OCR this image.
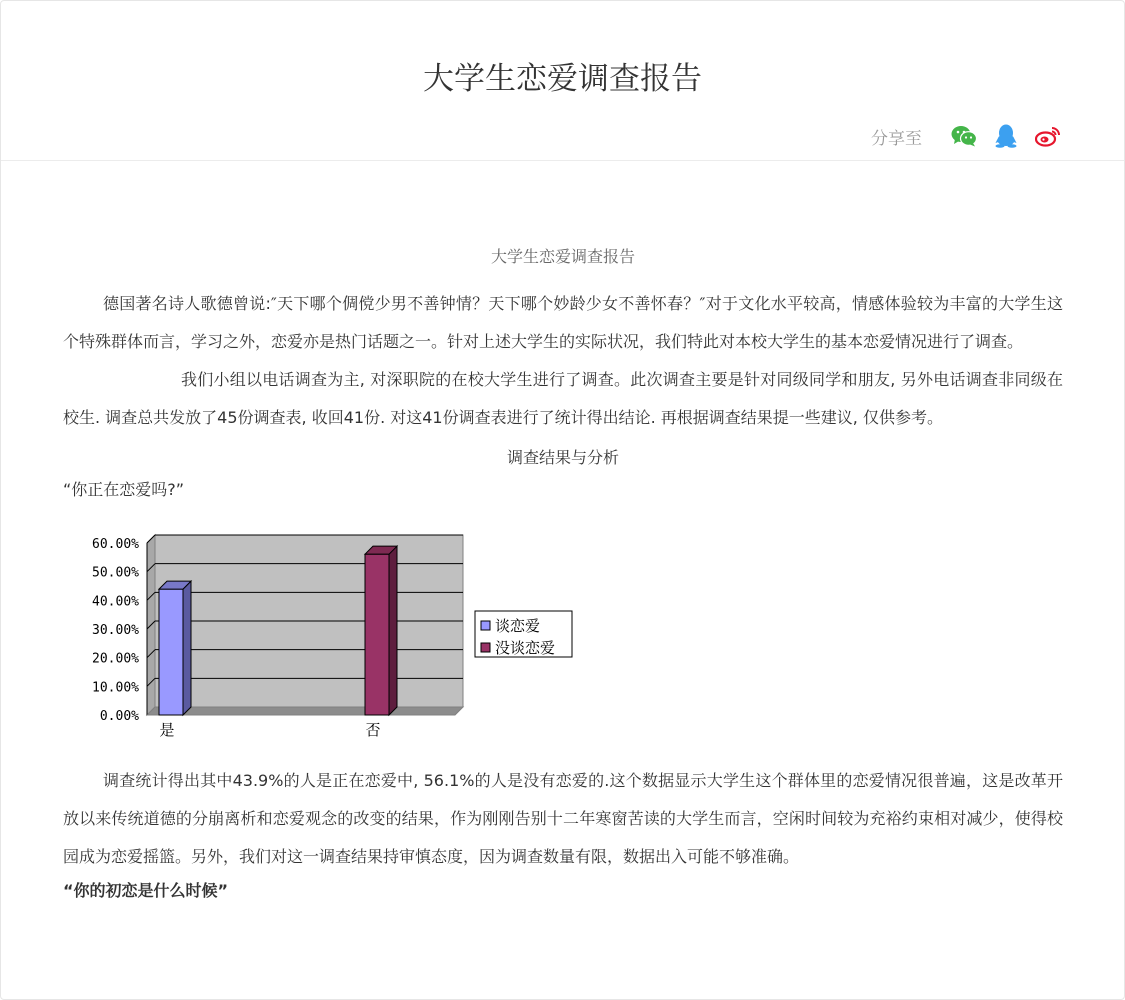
大学生恋爱调查报告
分享至
大学生恋爱调查报告

德国著名诗人歌德曾说:″天下哪个倜傥少男不善钟情？天下哪个妙龄少女不善怀春？″对于文化水平较高，情感体验较为丰富的大学生这个特殊群体而言，学习之外，恋爱亦是热门话题之一。针对上述大学生的实际状况，我们特此对本校大学生的基本恋爱情况进行了调查。

我们小组以电话调查为主, 对深职院的在校大学生进行了调查。此次调查主要是针对同级同学和朋友, 另外电话调查非同级在校生. 调查总共发放了45份调查表, 收回41份. 对这41份调查表进行了统计得出结论. 再根据调查结果提一些建议, 仅供参考。

调查结果与分析
“你正在恋爱吗?”
0.00%
10.00%
20.00%
30.00%
40.00%
50.00%
60.00%
是	否
谈恋爱
没谈恋爱

调查统计得出其中43.9%的人是正在恋爱中, 56.1%的人是没有恋爱的.这个数据显示大学生这个群体里的恋爱情况很普遍，这是改革开放以来传统道德的分崩离析和恋爱观念的改变的结果，作为刚刚告别十二年寒窗苦读的大学生而言，空闲时间较为充裕约束相对减少，使得校园成为恋爱摇篮。另外，我们对这一调查结果持审慎态度，因为调查数量有限，数据出入可能不够准确。

“你的初恋是什么时候”
